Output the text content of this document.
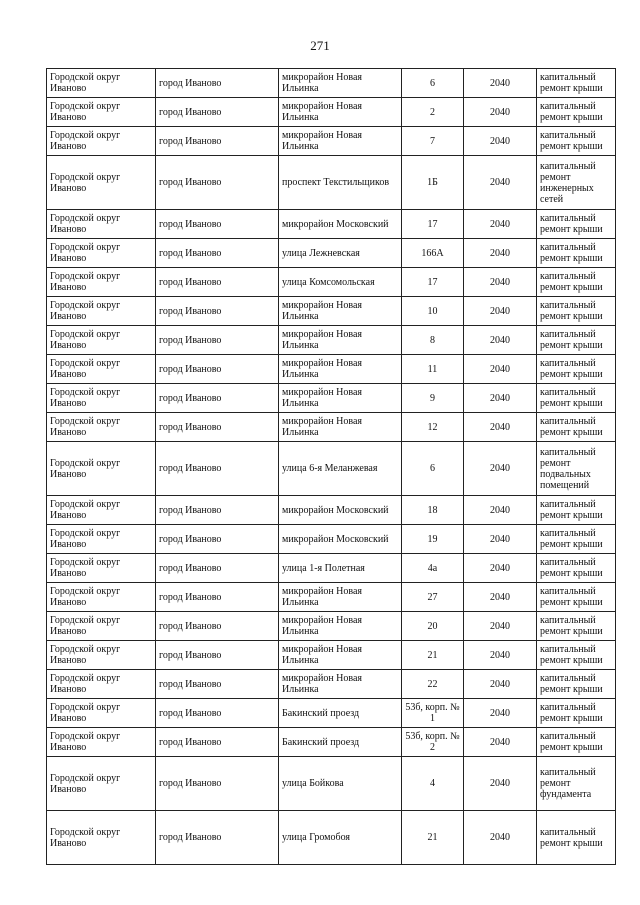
271
Городской округ Иваново	город Иваново	микрорайон Новая Ильинка	6	2040	капитальный ремонт крыши
Городской округ Иваново	город Иваново	микрорайон Новая Ильинка	2	2040	капитальный ремонт крыши
Городской округ Иваново	город Иваново	микрорайон Новая Ильинка	7	2040	капитальный ремонт крыши
Городской округ Иваново	город Иваново	проспект Текстильщиков	1Б	2040	капитальный ремонт инженерных сетей
Городской округ Иваново	город Иваново	микрорайон Московский	17	2040	капитальный ремонт крыши
Городской округ Иваново	город Иваново	улица Лежневская	166А	2040	капитальный ремонт крыши
Городской округ Иваново	город Иваново	улица Комсомольская	17	2040	капитальный ремонт крыши
Городской округ Иваново	город Иваново	микрорайон Новая Ильинка	10	2040	капитальный ремонт крыши
Городской округ Иваново	город Иваново	микрорайон Новая Ильинка	8	2040	капитальный ремонт крыши
Городской округ Иваново	город Иваново	микрорайон Новая Ильинка	11	2040	капитальный ремонт крыши
Городской округ Иваново	город Иваново	микрорайон Новая Ильинка	9	2040	капитальный ремонт крыши
Городской округ Иваново	город Иваново	микрорайон Новая Ильинка	12	2040	капитальный ремонт крыши
Городской округ Иваново	город Иваново	улица 6-я Меланжевая	6	2040	капитальный ремонт подвальных помещений
Городской округ Иваново	город Иваново	микрорайон Московский	18	2040	капитальный ремонт крыши
Городской округ Иваново	город Иваново	микрорайон Московский	19	2040	капитальный ремонт крыши
Городской округ Иваново	город Иваново	улица 1-я Полетная	4а	2040	капитальный ремонт крыши
Городской округ Иваново	город Иваново	микрорайон Новая Ильинка	27	2040	капитальный ремонт крыши
Городской округ Иваново	город Иваново	микрорайон Новая Ильинка	20	2040	капитальный ремонт крыши
Городской округ Иваново	город Иваново	микрорайон Новая Ильинка	21	2040	капитальный ремонт крыши
Городской округ Иваново	город Иваново	микрорайон Новая Ильинка	22	2040	капитальный ремонт крыши
Городской округ Иваново	город Иваново	Бакинский проезд	53б, корп. № 1	2040	капитальный ремонт крыши
Городской округ Иваново	город Иваново	Бакинский проезд	53б, корп. № 2	2040	капитальный ремонт крыши
Городской округ Иваново	город Иваново	улица Бойкова	4	2040	капитальный ремонт фундамента
Городской округ Иваново	город Иваново	улица Громобоя	21	2040	капитальный ремонт крыши
